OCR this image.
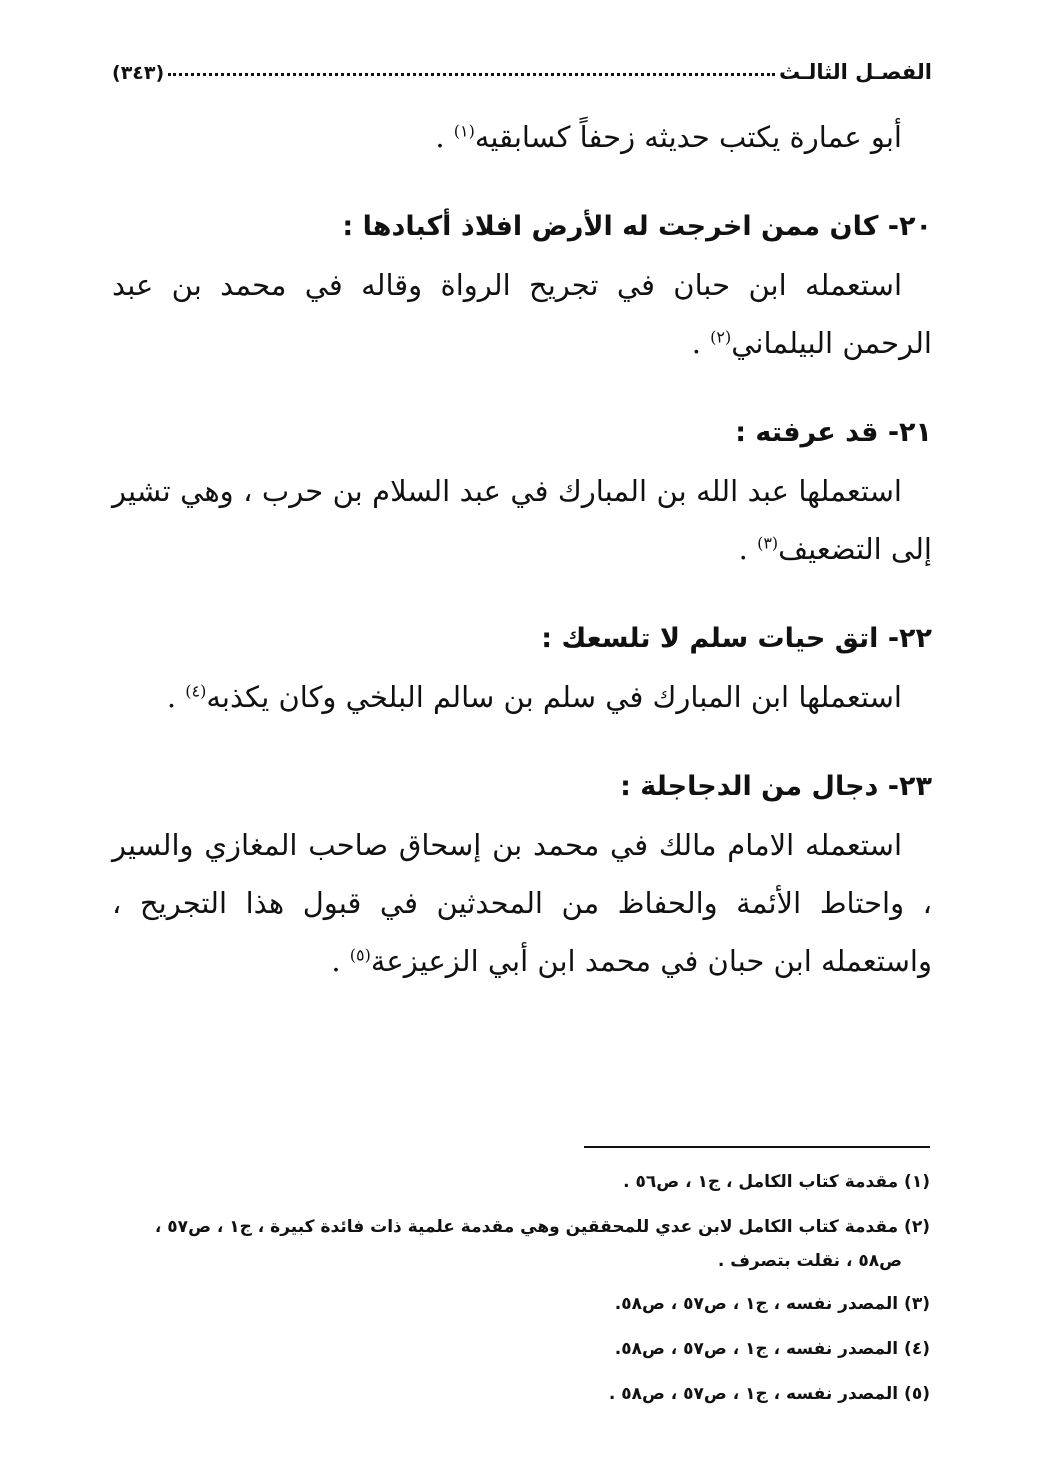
الفصـل الثالـث
(٣٤٣)

أبو عمارة يكتب حديثه زحفاً كسابقيه$^{(١)}$ .

٢٠- كان ممن اخرجت له الأرض افلاذ أكبادها :

استعمله ابن حبان في تجريح الرواة وقاله في محمد بن عبد الرحمن البيلماني$^{(٢)}$ .

٢١- قد عرفته :

استعملها عبد الله بن المبارك في عبد السلام بن حرب ، وهي تشير إلى التضعيف$^{(٣)}$ .

٢٢- اتق حيات سلم لا تلسعك :

استعملها ابن المبارك في سلم بن سالم البلخي وكان يكذبه$^{(٤)}$ .

٢٣- دجال من الدجاجلة :

استعمله الامام مالك في محمد بن إسحاق صاحب المغازي والسير ، واحتاط الأئمة والحفاظ من المحدثين في قبول هذا التجريح ، واستعمله ابن حبان في محمد ابن أبي الزعيزعة$^{(٥)}$ .

(١) مقدمة كتاب الكامل ، ج١ ، ص٥٦ .

(٢) مقدمة كتاب الكامل لابن عدي للمحققين وهي مقدمة علمية ذات فائدة كبيرة ، ج١ ، ص٥٧ ،

ص٥٨ ، نقلت بتصرف .

(٣) المصدر نفسه ، ج١ ، ص٥٧ ، ص٥٨.

(٤) المصدر نفسه ، ج١ ، ص٥٧ ، ص٥٨.

(٥) المصدر نفسه ، ج١ ، ص٥٧ ، ص٥٨ .
